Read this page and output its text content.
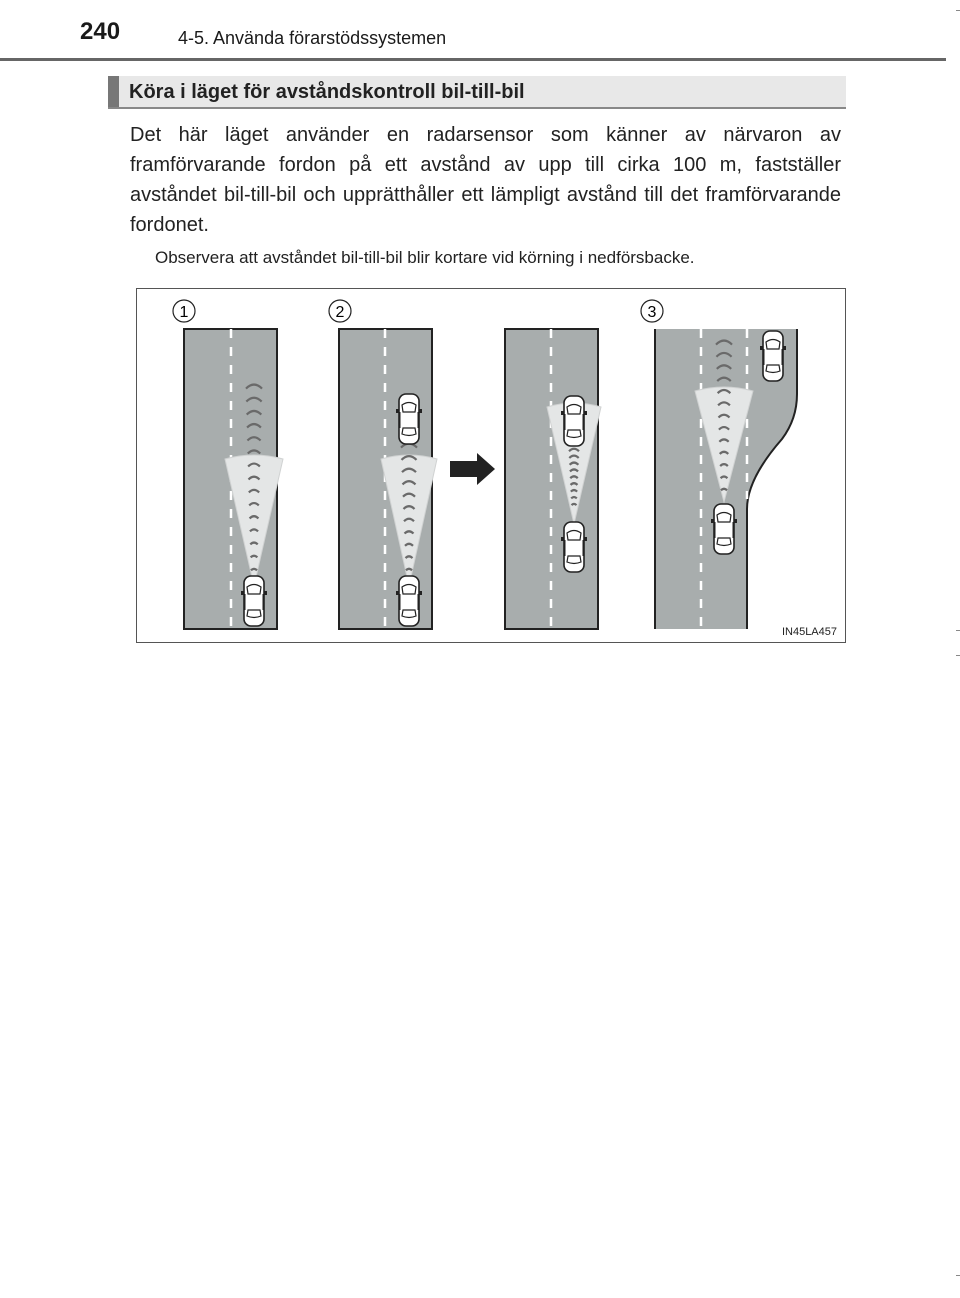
240	4-5. Använda förarstödssystemen
Köra i läget för avståndskontroll bil-till-bil
Det här läget använder en radarsensor som känner av närvaron av framförvarande fordon på ett avstånd av upp till cirka 100 m, fastställer avståndet bil-till-bil och upprätthåller ett lämpligt avstånd till det framförvarande fordonet.
Observera att avståndet bil-till-bil blir kortare vid körning i nedförsbacke.
1	2	3
IN45LA457
